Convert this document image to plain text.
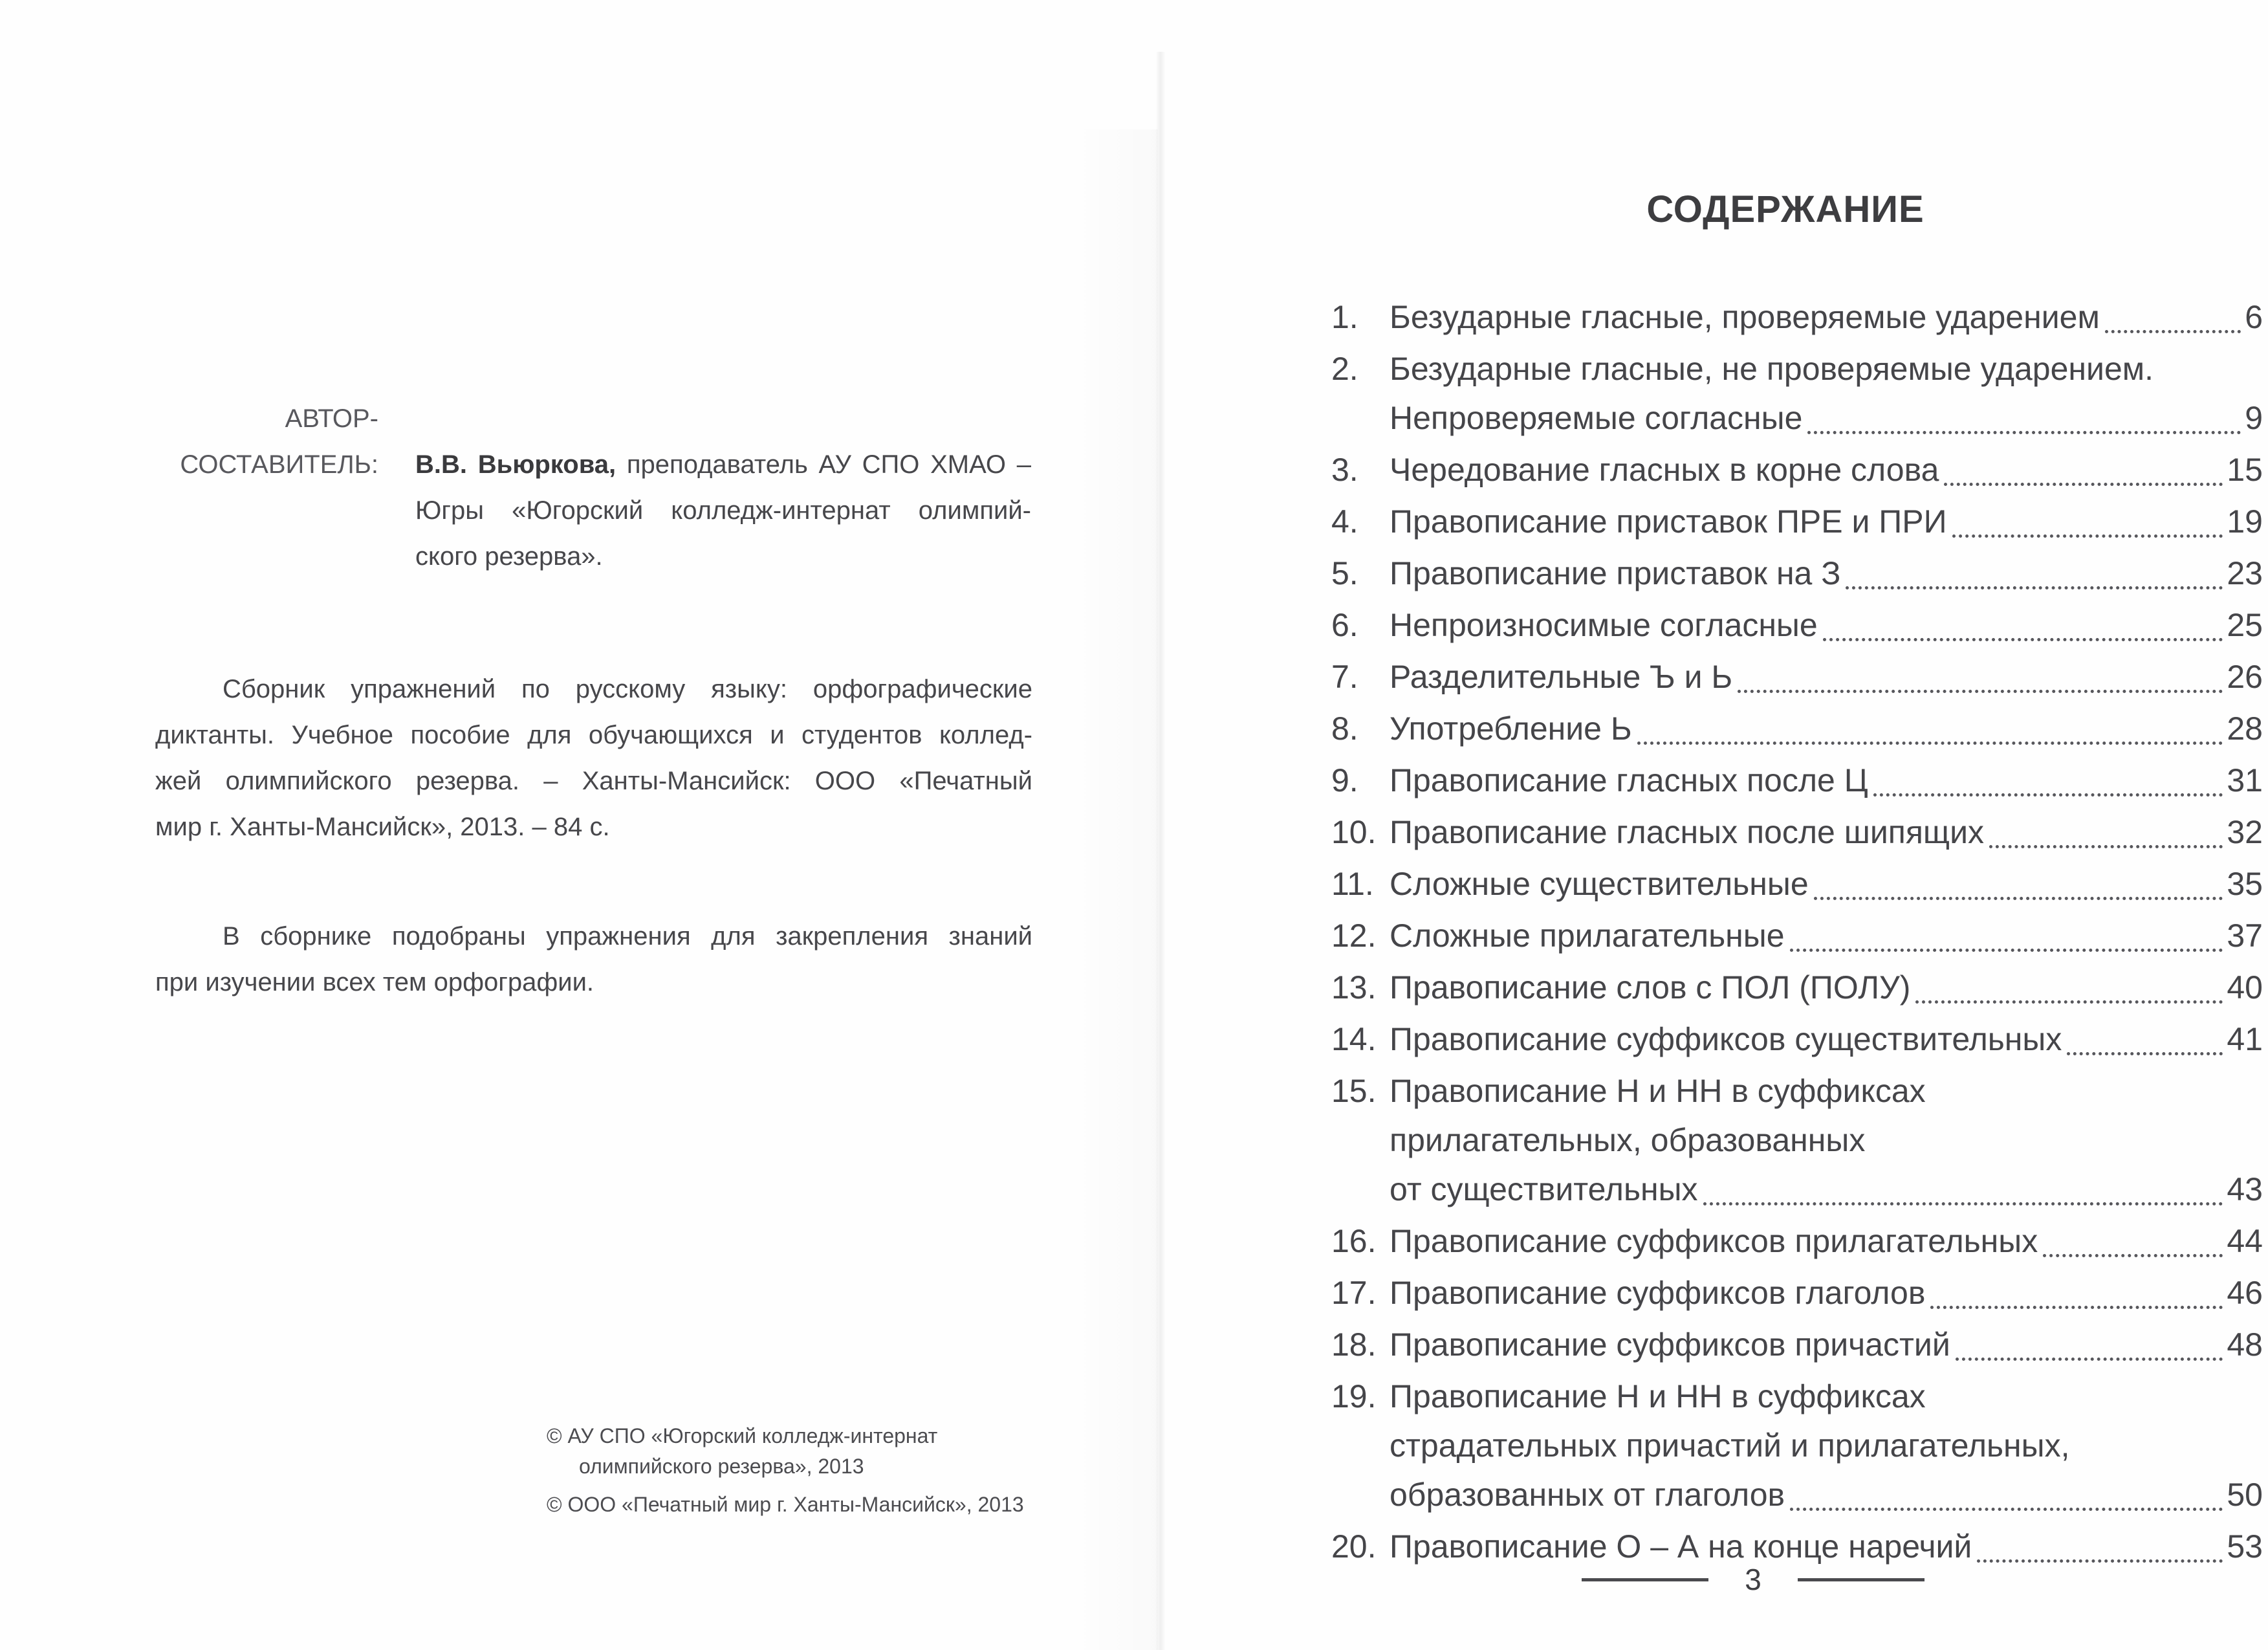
АВТОР-
СОСТАВИТЕЛЬ: В.В. Вьюркова, преподаватель АУ СПО ХМАО –
Югры «Югорский колледж-интернат олимпий-
ского резерва».
Сборник упражнений по русскому языку: орфографические
диктанты. Учебное пособие для обучающихся и студентов коллед-
жей олимпийского резерва. – Ханты-Мансийск: ООО «Печатный
мир г. Ханты-Мансийск», 2013. – 84 с.
В сборнике подобраны упражнения для закрепления знаний
при изучении всех тем орфографии.
© АУ СПО «Югорский колледж-интернат
олимпийского резерва», 2013
© ООО «Печатный мир г. Ханты-Мансийск», 2013
СОДЕРЖАНИЕ
1. Безударные гласные, проверяемые ударением	6
2. Безударные гласные, не проверяемые ударением.
Непроверяемые согласные	9
3. Чередование гласных в корне слова	15
4. Правописание приставок ПРЕ и ПРИ	19
5. Правописание приставок на З	23
6. Непроизносимые согласные	25
7. Разделительные Ъ и Ь	26
8. Употребление Ь	28
9. Правописание гласных после Ц	31
10. Правописание гласных после шипящих	32
11. Сложные существительные	35
12. Сложные прилагательные	37
13. Правописание слов с ПОЛ (ПОЛУ)	40
14. Правописание суффиксов существительных	41
15. Правописание Н и НН в суффиксах
прилагательных, образованных
от существительных	43
16. Правописание суффиксов прилагательных	44
17. Правописание суффиксов глаголов	46
18. Правописание суффиксов причастий	48
19. Правописание Н и НН в суффиксах
страдательных причастий и прилагательных,
образованных от глаголов	50
20. Правописание О – А на конце наречий	53
3
